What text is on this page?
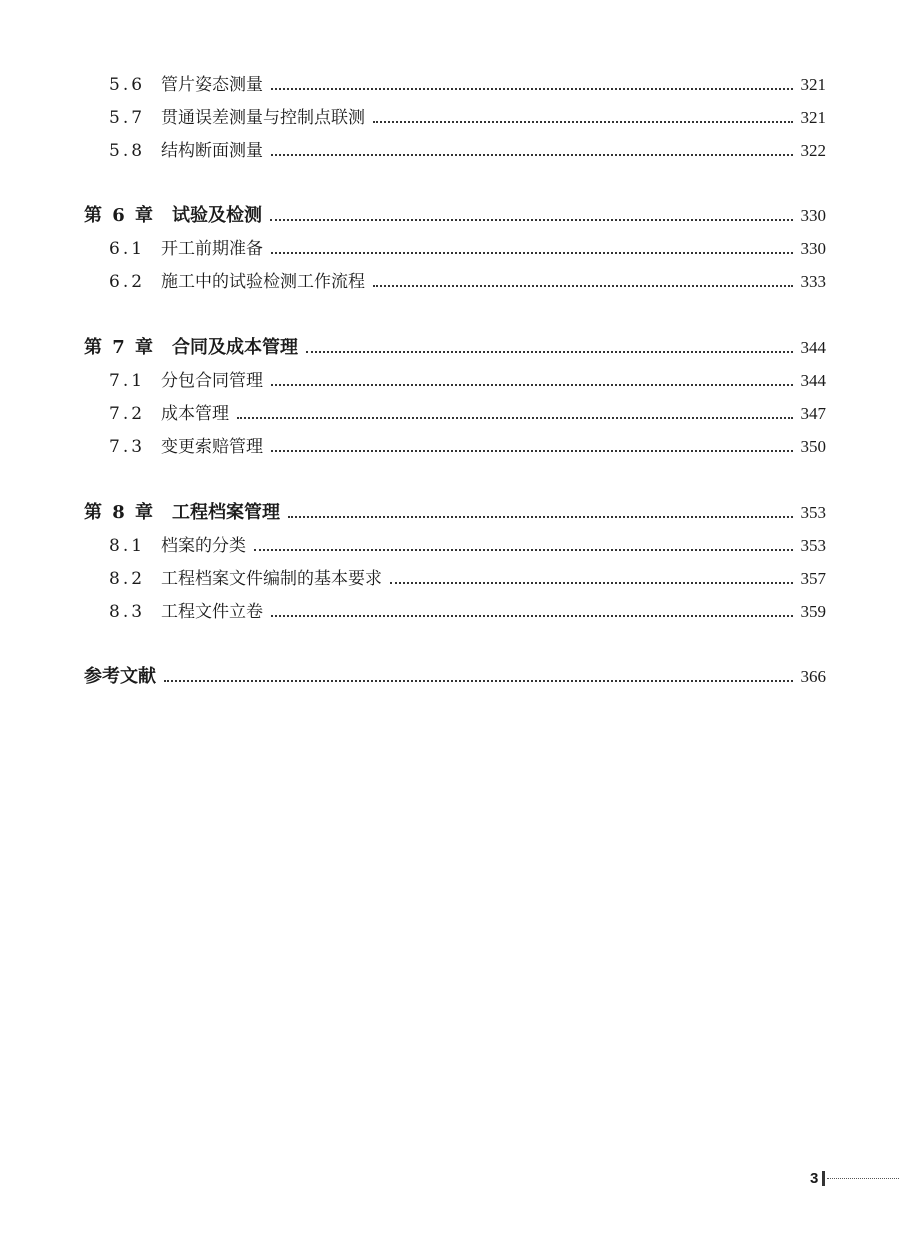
5.6 管片姿态测量	321
5.7 贯通误差测量与控制点联测	321
5.8 结构断面测量	322
第 6 章 试验及检测	330
6.1 开工前期准备	330
6.2 施工中的试验检测工作流程	333
第 7 章 合同及成本管理	344
7.1 分包合同管理	344
7.2 成本管理	347
7.3 变更索赔管理	350
第 8 章 工程档案管理	353
8.1 档案的分类	353
8.2 工程档案文件编制的基本要求	357
8.3 工程文件立卷	359
参考文献	366
3
